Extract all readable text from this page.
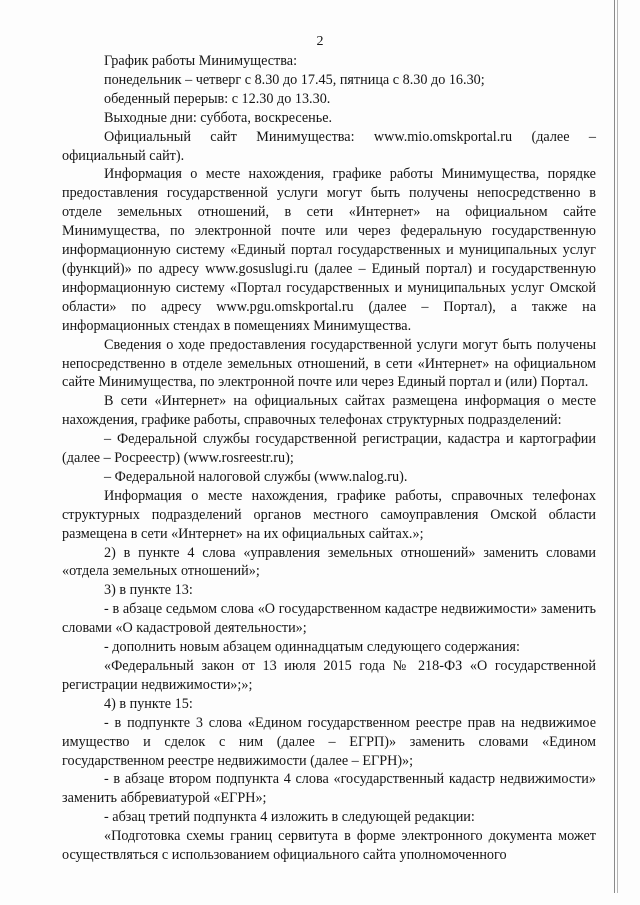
2

График работы Минимущества:

понедельник – четверг с 8.30 до 17.45, пятница с 8.30 до 16.30;

обеденный перерыв: с 12.30 до 13.30.

Выходные дни: суббота, воскресенье.

Официальный сайт Минимущества: www.mio.omskportal.ru (далее – официальный сайт).

Информация о месте нахождения, графике работы Минимущества, порядке предоставления государственной услуги могут быть получены непосредственно в отделе земельных отношений, в сети «Интернет» на официальном сайте Минимущества, по электронной почте или через федеральную государственную информационную систему «Единый портал государственных и муниципальных услуг (функций)» по адресу www.gosuslugi.ru (далее – Единый портал) и государственную информационную систему «Портал государственных и муниципальных услуг Омской области» по адресу www.pgu.omskportal.ru (далее – Портал), а также на информационных стендах в помещениях Минимущества.

Сведения о ходе предоставления государственной услуги могут быть получены непосредственно в отделе земельных отношений, в сети «Интернет» на официальном сайте Минимущества, по электронной почте или через Единый портал и (или) Портал.

В сети «Интернет» на официальных сайтах размещена информация о месте нахождения, графике работы, справочных телефонах структурных подразделений:

– Федеральной службы государственной регистрации, кадастра и картографии (далее – Росреестр) (www.rosreestr.ru);

– Федеральной налоговой службы (www.nalog.ru).

Информация о месте нахождения, графике работы, справочных телефонах структурных подразделений органов местного самоуправления Омской области размещена в сети «Интернет» на их официальных сайтах.»;

2) в пункте 4 слова «управления земельных отношений» заменить словами «отдела земельных отношений»;

3) в пункте 13:

- в абзаце седьмом слова «О государственном кадастре недвижимости» заменить словами «О кадастровой деятельности»;

- дополнить новым абзацем одиннадцатым следующего содержания:

«Федеральный закон от 13 июля 2015 года № 218-ФЗ «О государственной регистрации недвижимости»;»;

4) в пункте 15:

- в подпункте 3 слова «Едином государственном реестре прав на недвижимое имущество и сделок с ним (далее – ЕГРП)» заменить словами «Едином государственном реестре недвижимости (далее – ЕГРН)»;

- в абзаце втором подпункта 4 слова «государственный кадастр недвижимости» заменить аббревиатурой «ЕГРН»;

- абзац третий подпункта 4 изложить в следующей редакции:

«Подготовка схемы границ сервитута в форме электронного документа может осуществляться с использованием официального сайта уполномоченного
